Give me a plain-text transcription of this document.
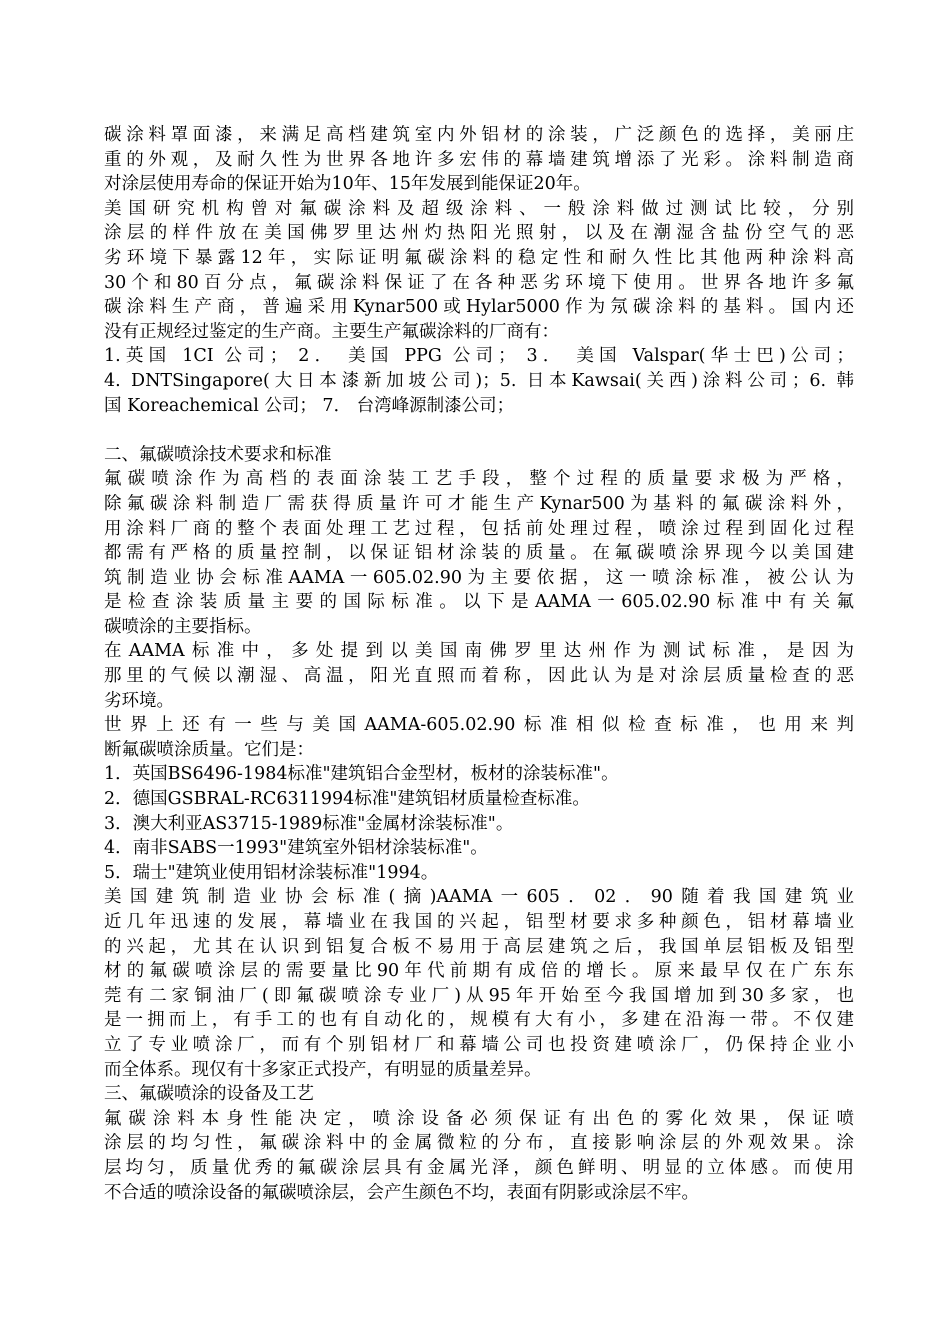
碳涂料罩面漆，来满足高档建筑室内外铝材的涂装，广泛颜色的选择，美丽庄

重的外观，及耐久性为世界各地许多宏伟的幕墙建筑增添了光彩。涂料制造商

对涂层使用寿命的保证开始为10年、15年发展到能保证20年。

美国研究机构曾对氟碳涂料及超级涂料、一般涂料做过测试比较，分别

涂层的样件放在美国佛罗里达州灼热阳光照射，以及在潮湿含盐份空气的恶

劣环境下暴露12年，实际证明氟碳涂料的稳定性和耐久性比其他两种涂料高

30个和80百分点，氟碳涂料保证了在各种恶劣环境下使用。世界各地许多氟

碳涂料生产商，普遍采用Kynar500或Hylar5000作为氖碳涂料的基料。国内还

没有正规经过鉴定的生产商。主要生产氟碳涂料的厂商有：

1.英国 1CI 公司； 2． 美国 PPG 公司； 3． 美国 Valspar(华士巴)公司；

4. DNTSingapore(大日本漆新加坡公司)；5. 日本Kawsai(关西)涂料公司；6. 韩

国 Koreachemical 公司； 7． 台湾峰源制漆公司；

二、氟碳喷涂技术要求和标准

氟碳喷涂作为高档的表面涂装工艺手段，整个过程的质量要求极为严格，

除氟碳涂料制造厂需获得质量许可才能生产Kynar500为基料的氟碳涂料外，

用涂料厂商的整个表面处理工艺过程，包括前处理过程，喷涂过程到固化过程

都需有严格的质量控制，以保证铝材涂装的质量。在氟碳喷涂界现今以美国建

筑制造业协会标准AAMA一605.02.90为主要依据，这一喷涂标准，被公认为

是检查涂装质量主要的国际标准。以下是AAMA一605.02.90标准中有关氟

碳喷涂的主要指标。

在AAMA标准中，多处提到以美国南佛罗里达州作为测试标准，是因为

那里的气候以潮湿、高温，阳光直照而着称，因此认为是对涂层质量检查的恶

劣环境。

世界上还有一些与美国AAMA-605.02.90标准相似检查标准，也用来判

断氟碳喷涂质量。它们是：

1．英国BS6496-1984标准"建筑铝合金型材，板材的涂装标准"。

2．德国GSBRAL-RC6311994标准"建筑铝材质量检查标准。

3．澳大利亚AS3715-1989标准"金属材涂装标准"。

4．南非SABS一1993"建筑室外铝材涂装标准"。

5．瑞士"建筑业使用铝材涂装标准"1994。

美国建筑制造业协会标准(摘)AAMA一605．02．90随着我国建筑业

近几年迅速的发展，幕墙业在我国的兴起，铝型材要求多种颜色，铝材幕墙业

的兴起，尤其在认识到铝复合板不易用于高层建筑之后，我国单层铝板及铝型

材的氟碳喷涂层的需要量比90年代前期有成倍的增长。原来最早仅在广东东

莞有二家铜油厂(即氟碳喷涂专业厂)从95年开始至今我国增加到30多家，也

是一拥而上，有手工的也有自动化的，规模有大有小，多建在沿海一带。不仅建

立了专业喷涂厂，而有个别铝材厂和幕墙公司也投资建喷涂厂，仍保持企业小

而全体系。现仅有十多家正式投产，有明显的质量差异。

三、氟碳喷涂的设备及工艺

氟碳涂料本身性能决定，喷涂设备必须保证有出色的雾化效果，保证喷

涂层的均匀性，氟碳涂料中的金属微粒的分布，直接影响涂层的外观效果。涂

层均匀，质量优秀的氟碳涂层具有金属光泽，颜色鲜明、明显的立体感。而使用

不合适的喷涂设备的氟碳喷涂层，会产生颜色不均，表面有阴影或涂层不牢。
